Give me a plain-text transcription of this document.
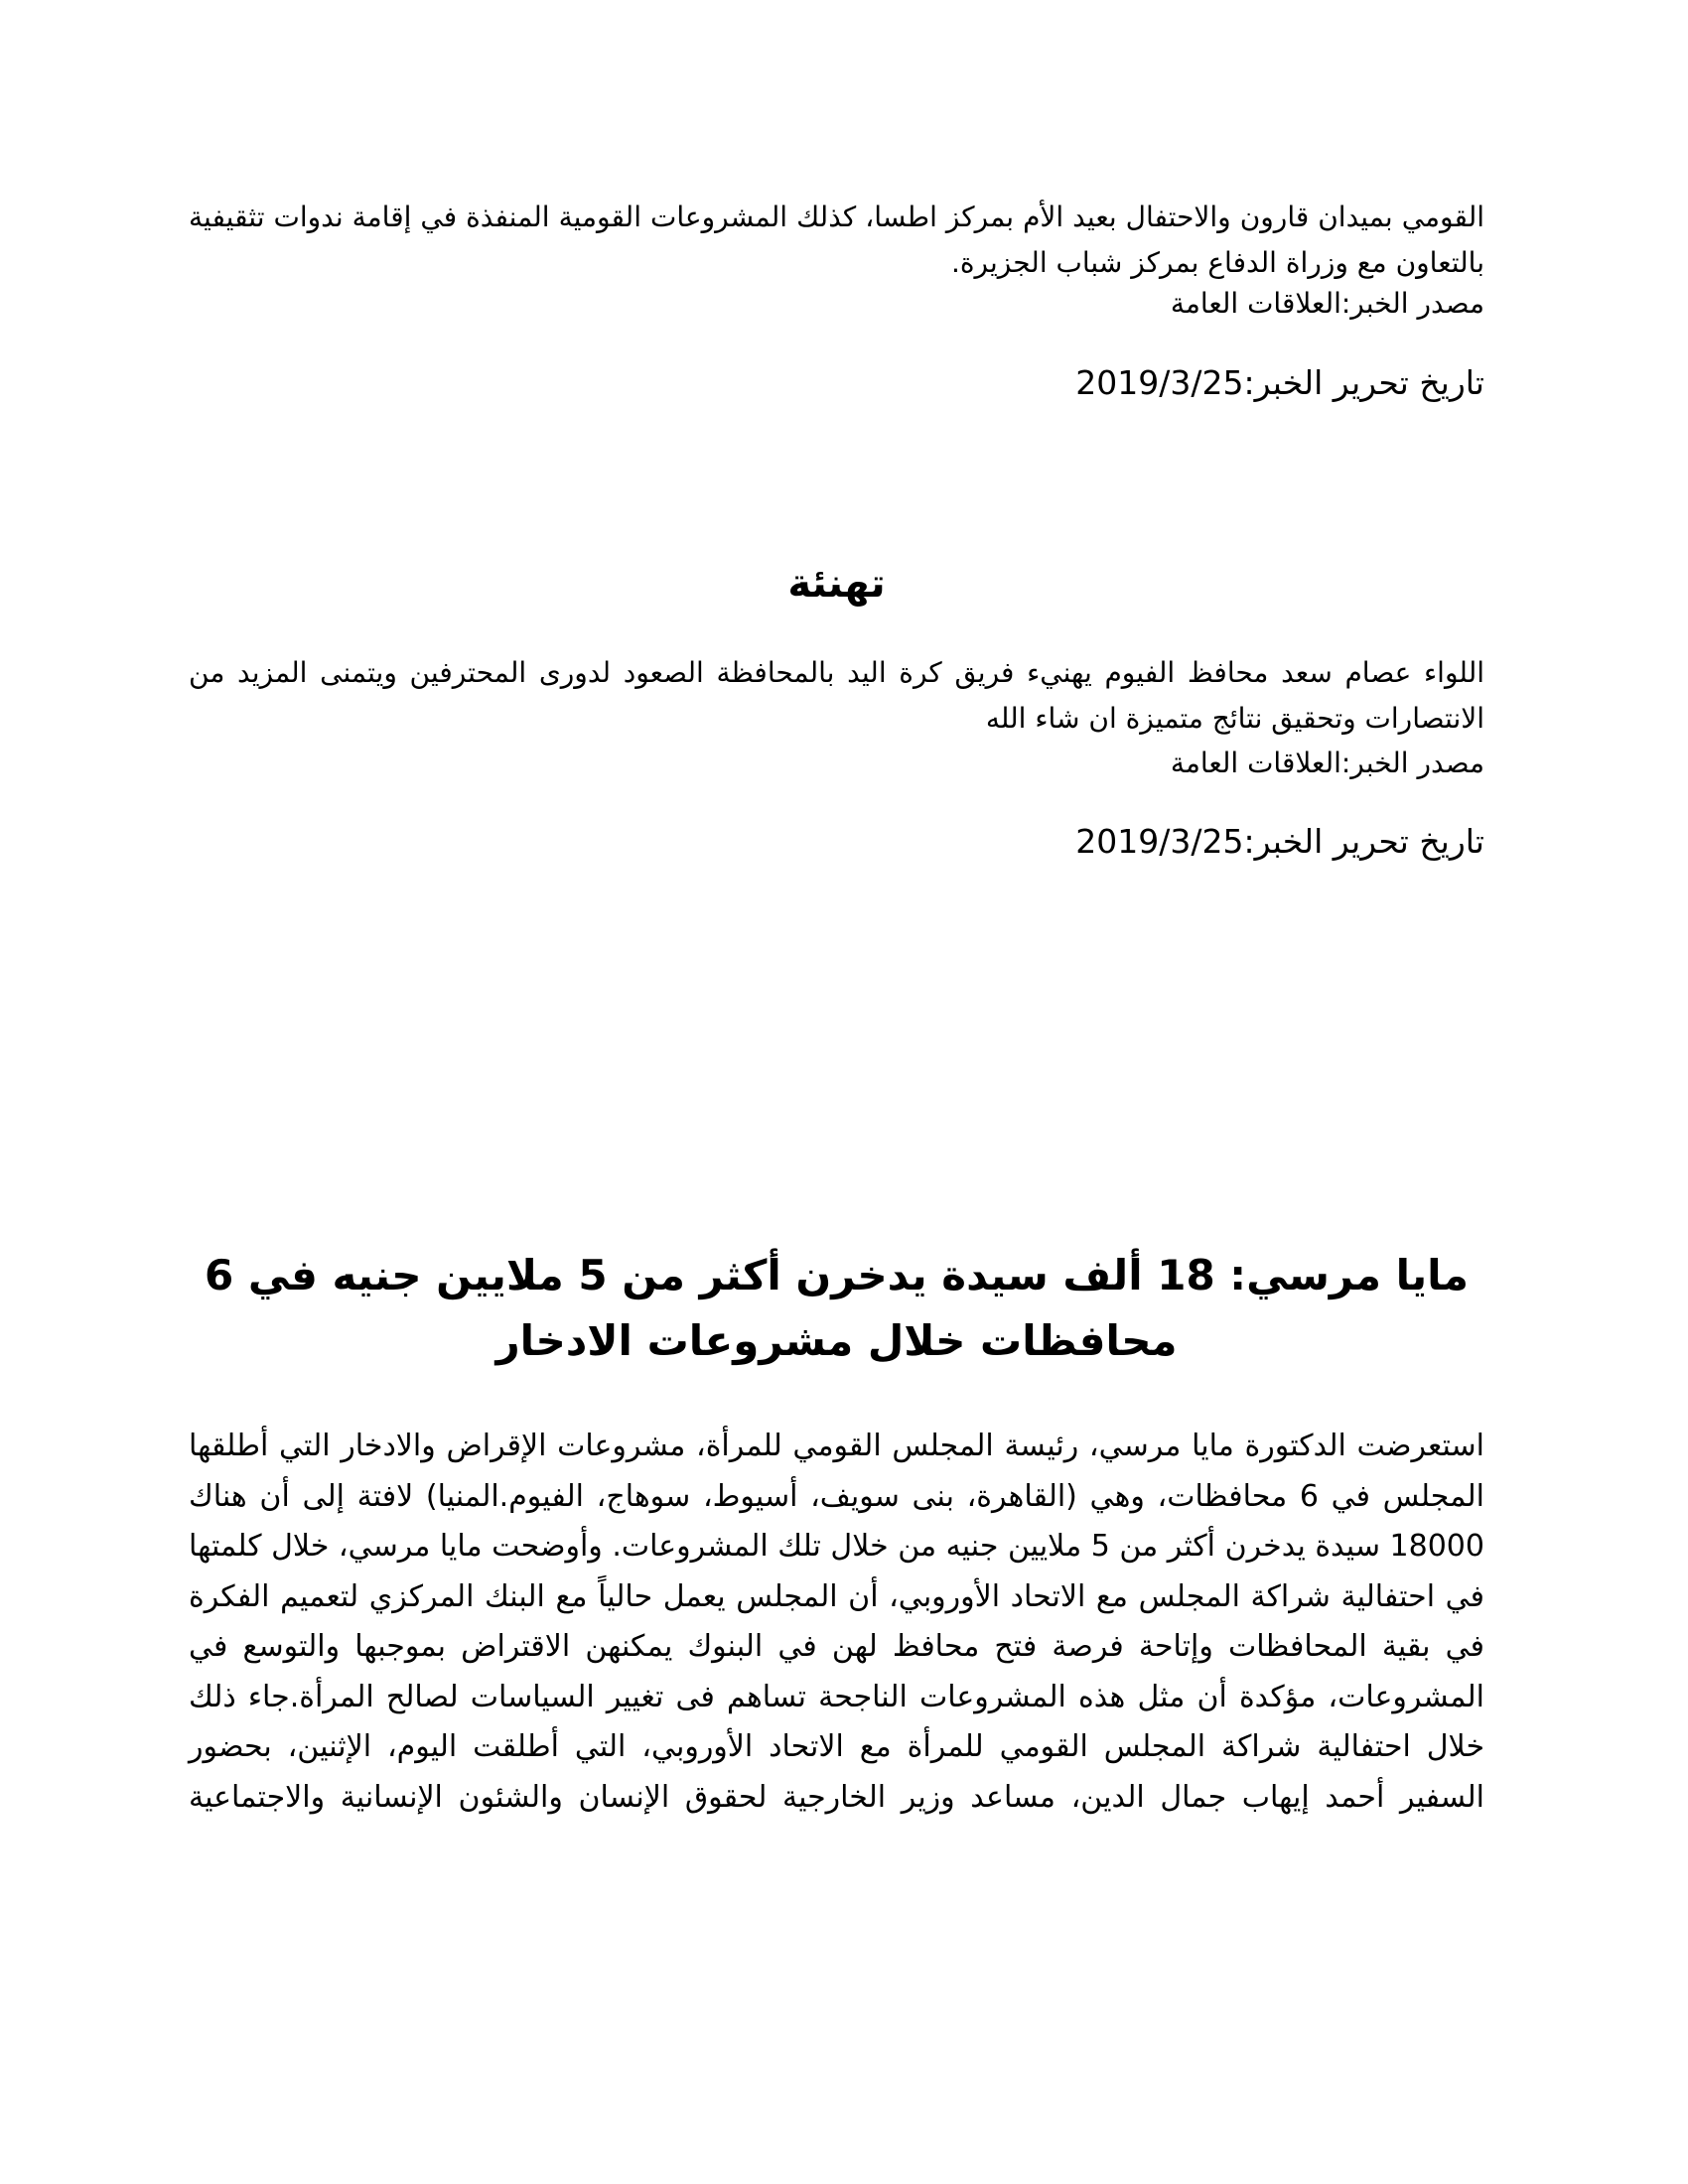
القومي بميدان قارون والاحتفال بعيد الأم بمركز اطسا، كذلك المشروعات القومية المنفذة في إقامة ندوات تثقيفية بالتعاون مع وزراة الدفاع بمركز شباب الجزيرة.

مصدر الخبر:العلاقات العامة

تاريخ تحرير الخبر:2019/3/25

تهنئة

اللواء عصام سعد محافظ الفيوم يهنيء فريق كرة اليد بالمحافظة الصعود لدورى المحترفين ويتمنى المزيد من الانتصارات وتحقيق نتائج متميزة ان شاء الله

مصدر الخبر:العلاقات العامة

تاريخ تحرير الخبر:2019/3/25

مايا مرسي: 18 ألف سيدة يدخرن أكثر من 5 ملايين جنيه في 6 محافظات خلال مشروعات الادخار

استعرضت الدكتورة مايا مرسي، رئيسة المجلس القومي للمرأة، مشروعات الإقراض والادخار التي أطلقها المجلس في 6 محافظات، وهي (القاهرة، بنى سويف، أسيوط، سوهاج، الفيوم.المنيا) لافتة إلى أن هناك 18000 سيدة يدخرن أكثر من 5 ملايين جنيه من خلال تلك المشروعات. وأوضحت مايا مرسي، خلال كلمتها في احتفالية شراكة المجلس مع الاتحاد الأوروبي، أن المجلس يعمل حالياً مع البنك المركزي لتعميم الفكرة في بقية المحافظات وإتاحة فرصة فتح محافظ لهن في البنوك يمكنهن الاقتراض بموجبها والتوسع في المشروعات، مؤكدة أن مثل هذه المشروعات الناجحة تساهم فى تغيير السياسات لصالح المرأة.جاء ذلك خلال احتفالية شراكة المجلس القومي للمرأة مع الاتحاد الأوروبي، التي أطلقت اليوم، الإثنين، بحضور السفير أحمد إيهاب جمال الدين، مساعد وزير الخارجية لحقوق الإنسان والشئون الإنسانية والاجتماعية
